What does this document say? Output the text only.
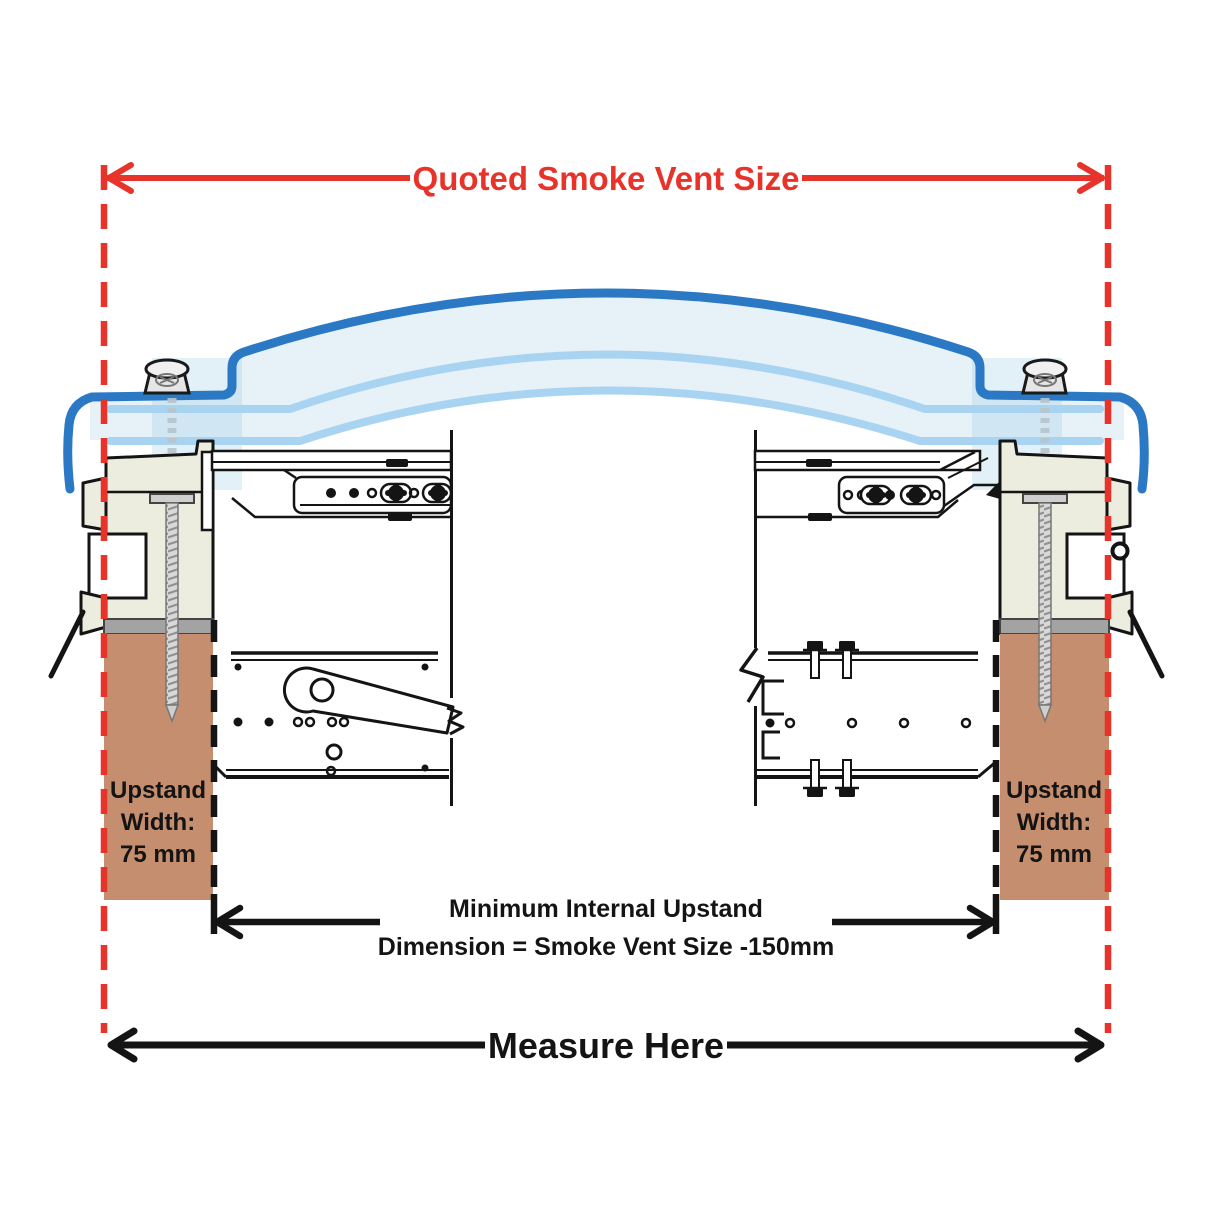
Quoted Smoke Vent Size
Minimum Internal Upstand
Dimension = Smoke Vent Size -150mm
Measure Here
Upstand
Width:
75 mm
Upstand
Width:
75 mm
